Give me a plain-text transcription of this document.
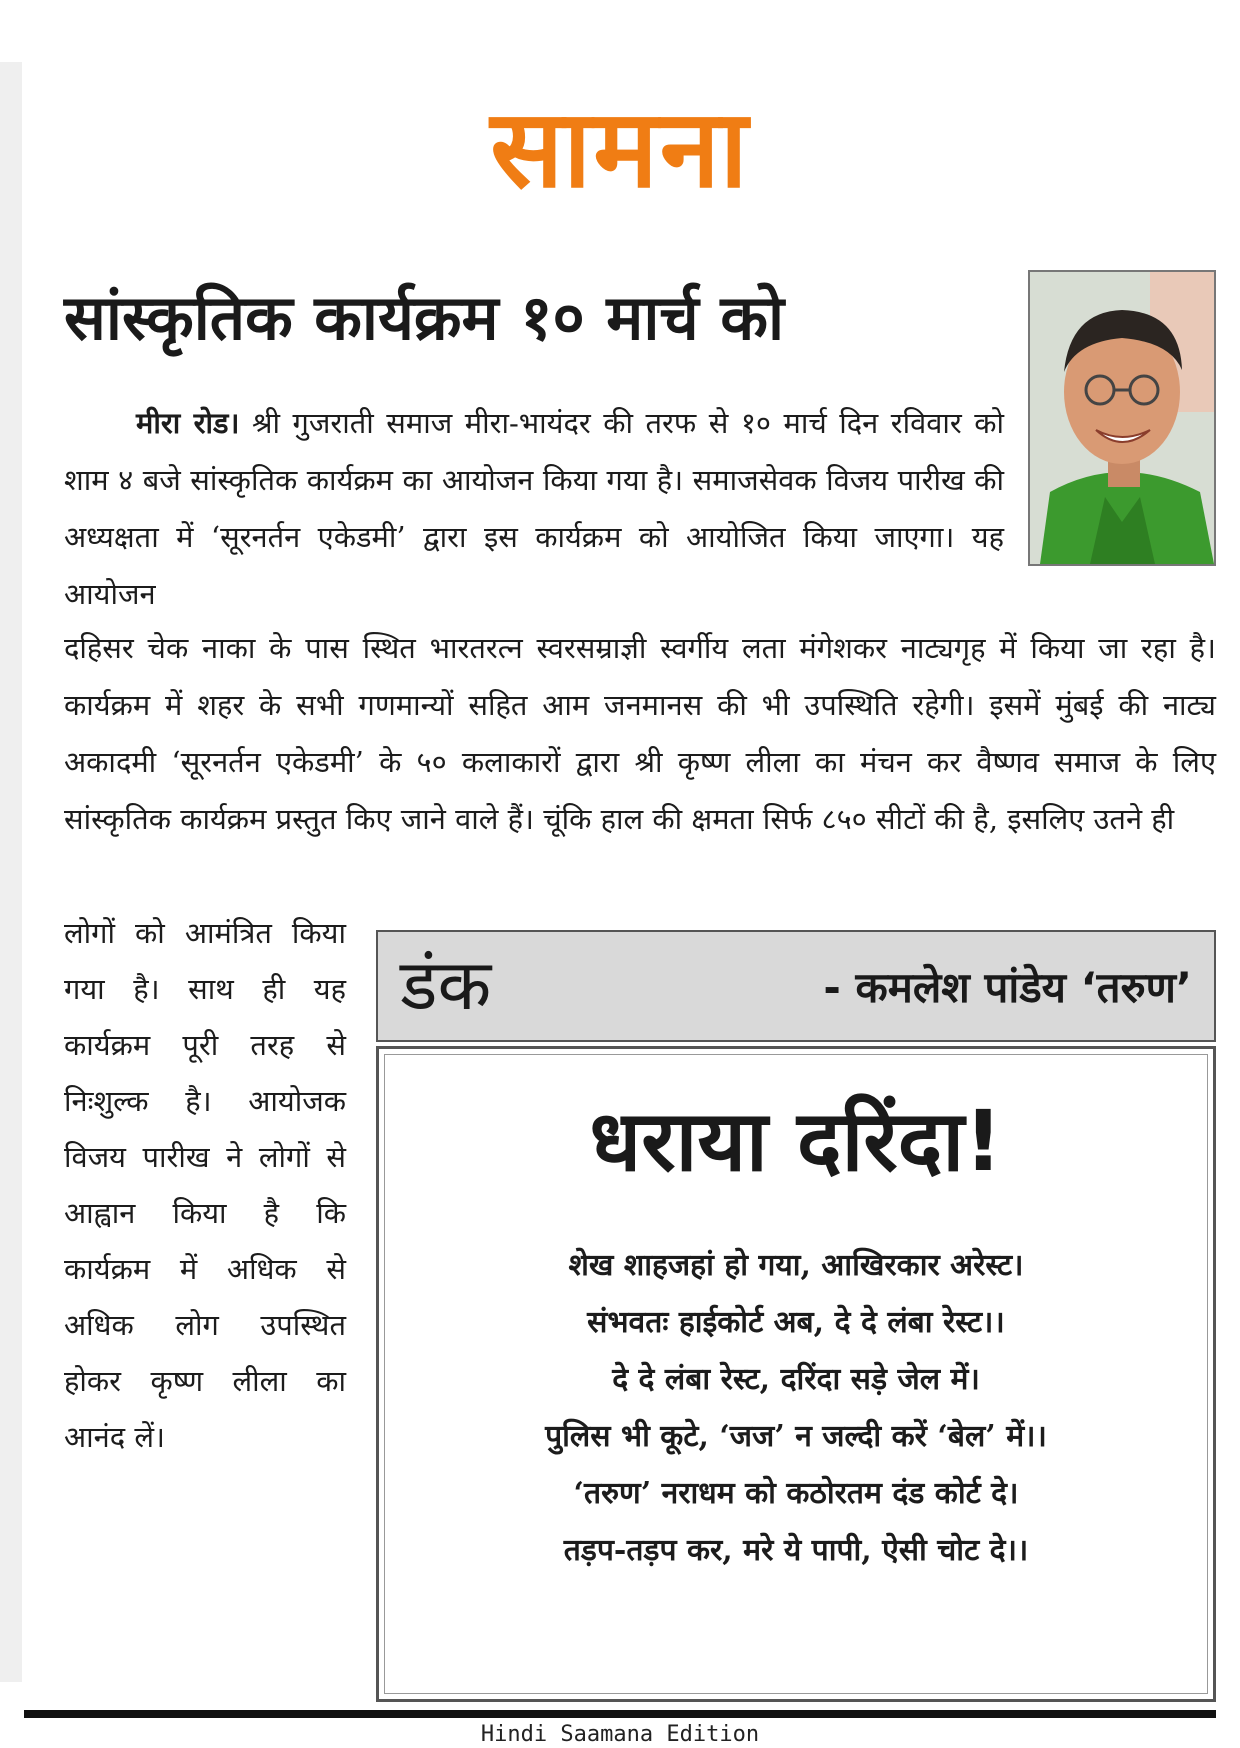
सामना
सांस्कृतिक कार्यक्रम १० मार्च को

मीरा रोड। श्री गुजराती समाज मीरा-भायंदर की तरफ से १० मार्च दिन रविवार को शाम ४ बजे सांस्कृतिक कार्यक्रम का आयोजन किया गया है। समाजसेवक विजय पारीख की अध्यक्षता में ‘सूरनर्तन एकेडमी’ द्वारा इस कार्यक्रम को आयोजित किया जाएगा। यह आयोजन

दहिसर चेक नाका के पास स्थित भारतरत्न स्वरसम्राज्ञी स्वर्गीय लता मंगेशकर नाट्यगृह में किया जा रहा है। कार्यक्रम में शहर के सभी गणमान्यों सहित आम जनमानस की भी उपस्थिति रहेगी। इसमें मुंबई की नाट्य अकादमी ‘सूरनर्तन एकेडमी’ के ५० कलाकारों द्वारा श्री कृष्ण लीला का मंचन कर वैष्णव समाज के लिए सांस्कृतिक कार्यक्रम प्रस्तुत किए जाने वाले हैं। चूंकि हाल की क्षमता सिर्फ ८५० सीटों की है, इसलिए उतने ही

लोगों को आमंत्रित किया गया है। साथ ही यह कार्यक्रम पूरी तरह से निःशुल्क है। आयोजक विजय पारीख ने लोगों से आह्वान किया है कि कार्यक्रम में अधिक से अधिक लोग उपस्थित होकर कृष्ण लीला का आनंद लें।

डंक	- कमलेश पांडेय ‘तरुण’
धराया दरिंदा!
शेख शाहजहां हो गया, आखिरकार अरेस्ट।
संभवतः हाईकोर्ट अब, दे दे लंबा रेस्ट।।
दे दे लंबा रेस्ट, दरिंदा सड़े जेल में।
पुलिस भी कूटे, ‘जज’ न जल्दी करें ‘बेल’ में।।
‘तरुण’ नराधम को कठोरतम दंड कोर्ट दे।
तड़प-तड़प कर, मरे ये पापी, ऐसी चोट दे।।
Hindi Saamana Edition
